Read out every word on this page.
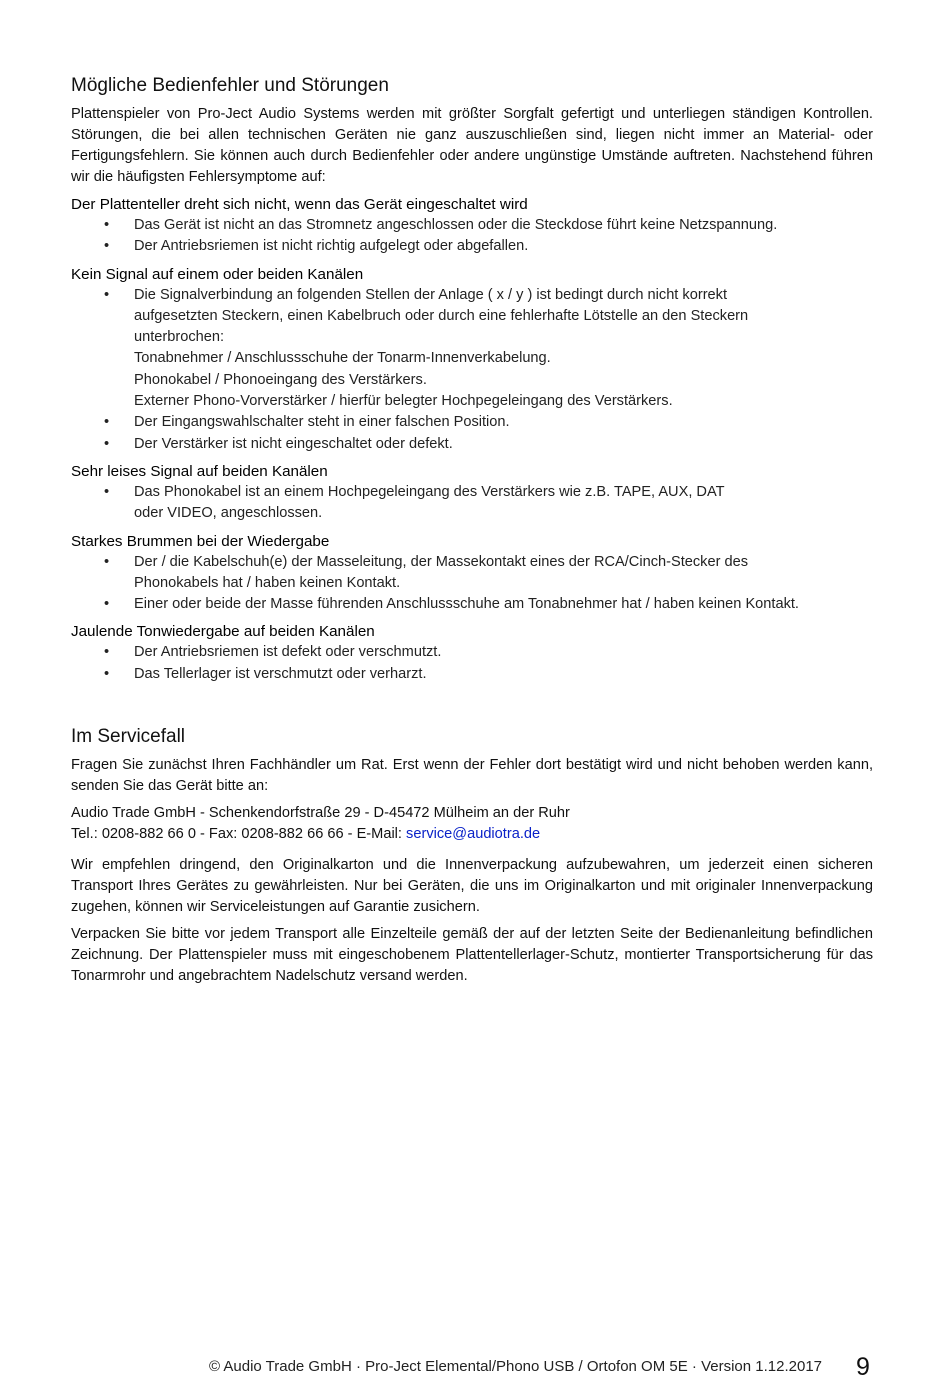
Mögliche Bedienfehler und Störungen

Plattenspieler von Pro-Ject Audio Systems werden mit größter Sorgfalt gefertigt und unterliegen ständigen Kontrollen. Störungen, die bei allen technischen Geräten nie ganz auszuschließen sind, liegen nicht immer an Material- oder Fertigungsfehlern. Sie können auch durch Bedienfehler oder andere ungünstige Umstände auftreten. Nachstehend führen wir die häufigsten Fehlersymptome auf:

Der Plattenteller dreht sich nicht, wenn das Gerät eingeschaltet wird
• Das Gerät ist nicht an das Stromnetz angeschlossen oder die Steckdose führt keine Netzspannung.
• Der Antriebsriemen ist nicht richtig aufgelegt oder abgefallen.
Kein Signal auf einem oder beiden Kanälen
• Die Signalverbindung an folgenden Stellen der Anlage ( x / y ) ist bedingt durch nicht korrekt
aufgesetzten Steckern, einen Kabelbruch oder durch eine fehlerhafte Lötstelle an den Steckern
unterbrochen:
Tonabnehmer / Anschlussschuhe der Tonarm-Innenverkabelung.
Phonokabel / Phonoeingang des Verstärkers.
Externer Phono-Vorverstärker / hierfür belegter Hochpegeleingang des Verstärkers.
• Der Eingangswahlschalter steht in einer falschen Position.
• Der Verstärker ist nicht eingeschaltet oder defekt.
Sehr leises Signal auf beiden Kanälen
• Das Phonokabel ist an einem Hochpegeleingang des Verstärkers wie z.B. TAPE, AUX, DAT
oder VIDEO, angeschlossen.
Starkes Brummen bei der Wiedergabe
• Der / die Kabelschuh(e) der Masseleitung, der Massekontakt eines der RCA/Cinch-Stecker des
Phonokabels hat / haben keinen Kontakt.
• Einer oder beide der Masse führenden Anschlussschuhe am Tonabnehmer hat / haben keinen Kontakt.
Jaulende Tonwiedergabe auf beiden Kanälen
• Der Antriebsriemen ist defekt oder verschmutzt.
• Das Tellerlager ist verschmutzt oder verharzt.
Im Servicefall

Fragen Sie zunächst Ihren Fachhändler um Rat. Erst wenn der Fehler dort bestätigt wird und nicht behoben werden kann, senden Sie das Gerät bitte an:

Audio Trade GmbH - Schenkendorfstraße 29 - D-45472 Mülheim an der Ruhr

Tel.: 0208-882 66 0 - Fax: 0208-882 66 66 - E-Mail: service@audiotra.de

Wir empfehlen dringend, den Originalkarton und die Innenverpackung aufzubewahren, um jederzeit einen sicheren Transport Ihres Gerätes zu gewährleisten. Nur bei Geräten, die uns im Originalkarton und mit originaler Innenverpackung zugehen, können wir Serviceleistungen auf Garantie zusichern.

Verpacken Sie bitte vor jedem Transport alle Einzelteile gemäß der auf der letzten Seite der Bedienanleitung befindlichen Zeichnung. Der Plattenspieler muss mit eingeschobenem Plattentellerlager-Schutz, montierter Transportsicherung für das Tonarmrohr und angebrachtem Nadelschutz versand werden.

© Audio Trade GmbH · Pro-Ject Elemental/Phono USB / Ortofon OM 5E · Version 1.12.2017 9
